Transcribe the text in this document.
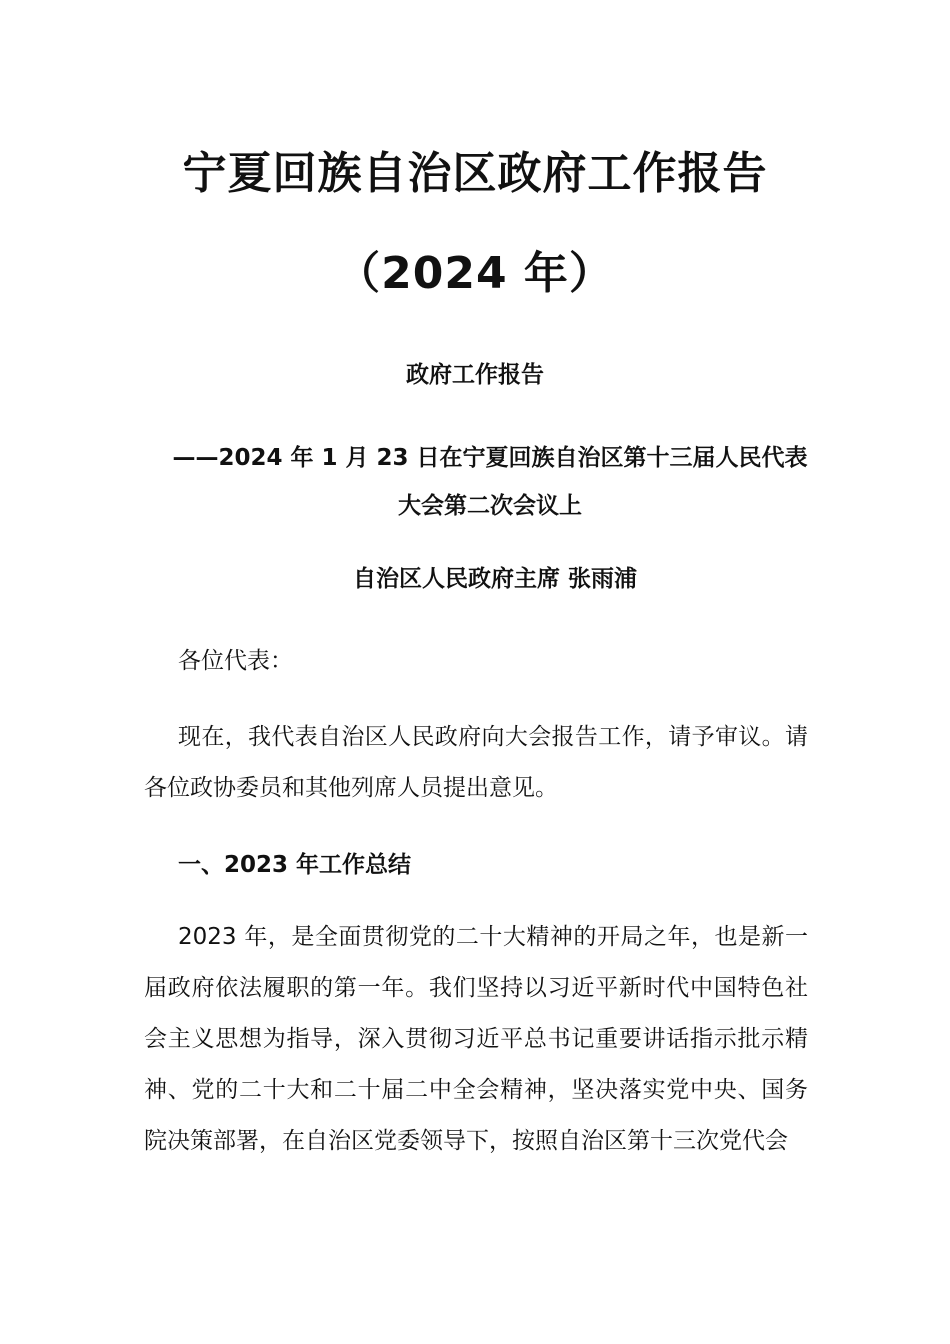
宁夏回族自治区政府工作报告
（2024 年）
政府工作报告
——2024 年 1 月 23 日在宁夏回族自治区第十三届人民代表大会第二次会议上
自治区人民政府主席 张雨浦
各位代表：
现在，我代表自治区人民政府向大会报告工作，请予审议。请各位政协委员和其他列席人员提出意见。
一、2023 年工作总结
2023 年，是全面贯彻党的二十大精神的开局之年，也是新一届政府依法履职的第一年。我们坚持以习近平新时代中国特色社会主义思想为指导，深入贯彻习近平总书记重要讲话指示批示精神、党的二十大和二十届二中全会精神，坚决落实党中央、国务院决策部署，在自治区党委领导下，按照自治区第十三次党代会
